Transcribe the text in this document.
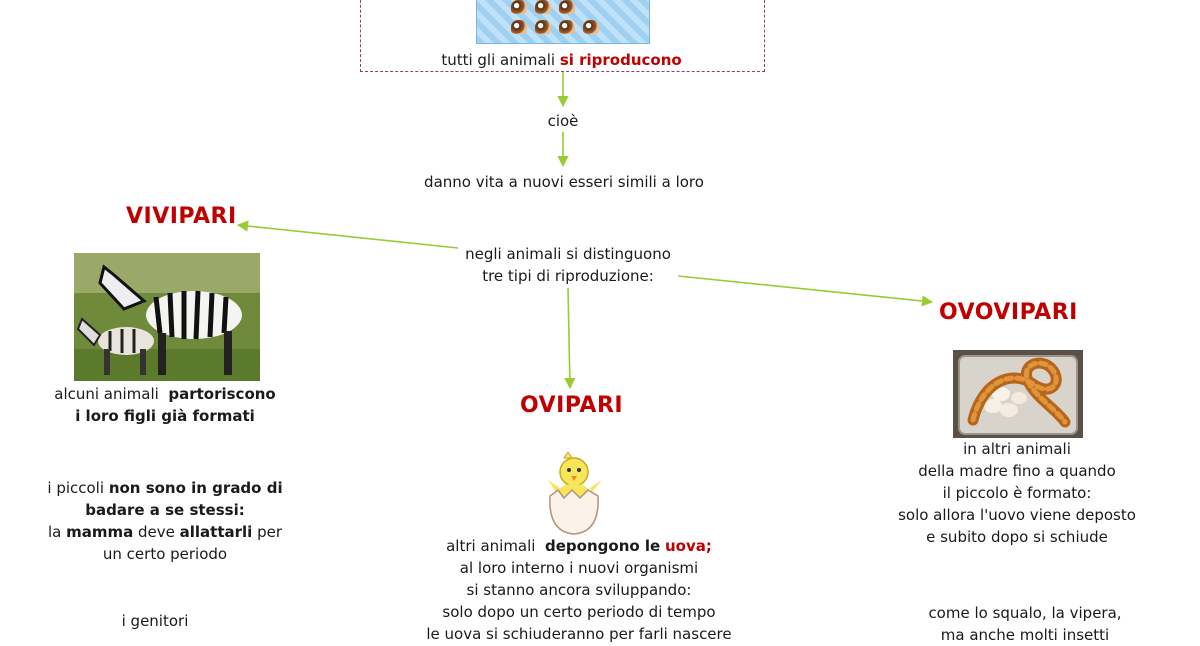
tutti gli animali si riproducono
cioè
danno vita a nuovi esseri simili a loro
negli animali si distinguono
tre tipi di riproduzione:
VIVIPARI
alcuni animali partoriscono
i loro figli già formati
i piccoli non sono in grado di
badare a se stessi:
la mamma deve allattarli per
un certo periodo
i genitori
OVIPARI
altri animali depongono le uova;
al loro interno i nuovi organismi
si stanno ancora sviluppando:
solo dopo un certo periodo di tempo
le uova si schiuderanno per farli nascere
OVOVIPARI
in altri animali
della madre fino a quando
il piccolo è formato:
solo allora l'uovo viene deposto
e subito dopo si schiude
come lo squalo, la vipera,
ma anche molti insetti
